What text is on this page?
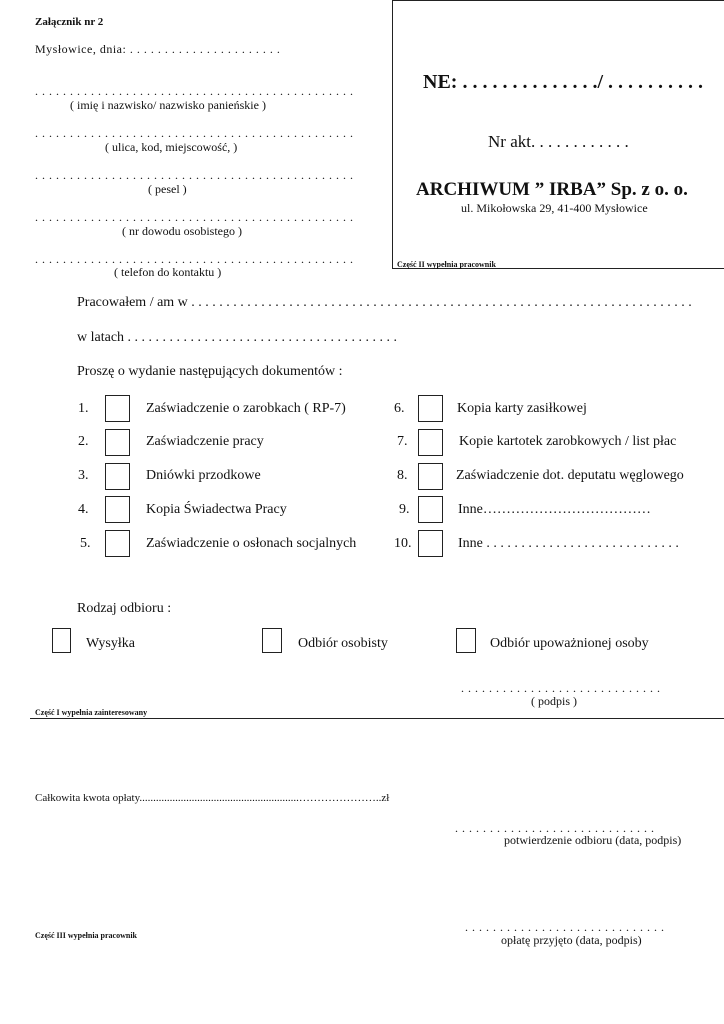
Załącznik nr 2
Mysłowice, dnia: . . . . . . . . . . . . . . . . . . . . . .
. . . . . . . . . . . . . . . . . . . . . . . . . . . . . . . . . . . . . . . . . . . . . .
( imię i nazwisko/ nazwisko panieńskie )
. . . . . . . . . . . . . . . . . . . . . . . . . . . . . . . . . . . . . . . . . . . . . .
( ulica, kod, miejscowość, )
. . . . . . . . . . . . . . . . . . . . . . . . . . . . . . . . . . . . . . . . . . . . . .
( pesel )
. . . . . . . . . . . . . . . . . . . . . . . . . . . . . . . . . . . . . . . . . . . . . .
( nr dowodu osobistego )
. . . . . . . . . . . . . . . . . . . . . . . . . . . . . . . . . . . . . . . . . . . . . .
( telefon do kontaktu )
NE: . . . . . . . . . . . . . ./ . . . . . . . . . .
Nr akt. . . . . . . . . . . .
ARCHIWUM ” IRBA” Sp. z o. o.
ul. Mikołowska 29, 41-400 Mysłowice
Część II wypełnia pracownik
Pracowałem / am w . . . . . . . . . . . . . . . . . . . . . . . . . . . . . . . . . . . . . . . . . . . . . . . . . . . . . . . . . . . . . . . . . . . . . . . .
w latach . . . . . . . . . . . . . . . . . . . . . . . . . . . . . . . . . . . . . . .
Proszę o wydanie następujących dokumentów :
1.	Zaświadczenie o zarobkach ( RP-7)
2.	Zaświadczenie pracy
3.	Dniówki przodkowe
4.	Kopia Świadectwa Pracy
5.	Zaświadczenie o osłonach socjalnych
6.	Kopia karty zasiłkowej
7.	Kopie kartotek zarobkowych / list płac
8.	Zaświadczenie dot. deputatu węglowego
9.	Inne………………………………
10.	Inne . . . . . . . . . . . . . . . . . . . . . . . . . . . .
Rodzaj odbioru :
Wysyłka	Odbiór osobisty	Odbiór upoważnionej osoby
. . . . . . . . . . . . . . . . . . . . . . . . . . . . .
( podpis )
Część I wypełnia zainteresowany
Całkowita kwota opłaty..........................................................…………………..zł
. . . . . . . . . . . . . . . . . . . . . . . . . . . . .
potwierdzenie odbioru (data, podpis)
Część III wypełnia pracownik
. . . . . . . . . . . . . . . . . . . . . . . . . . . . .
opłatę przyjęto (data, podpis)
